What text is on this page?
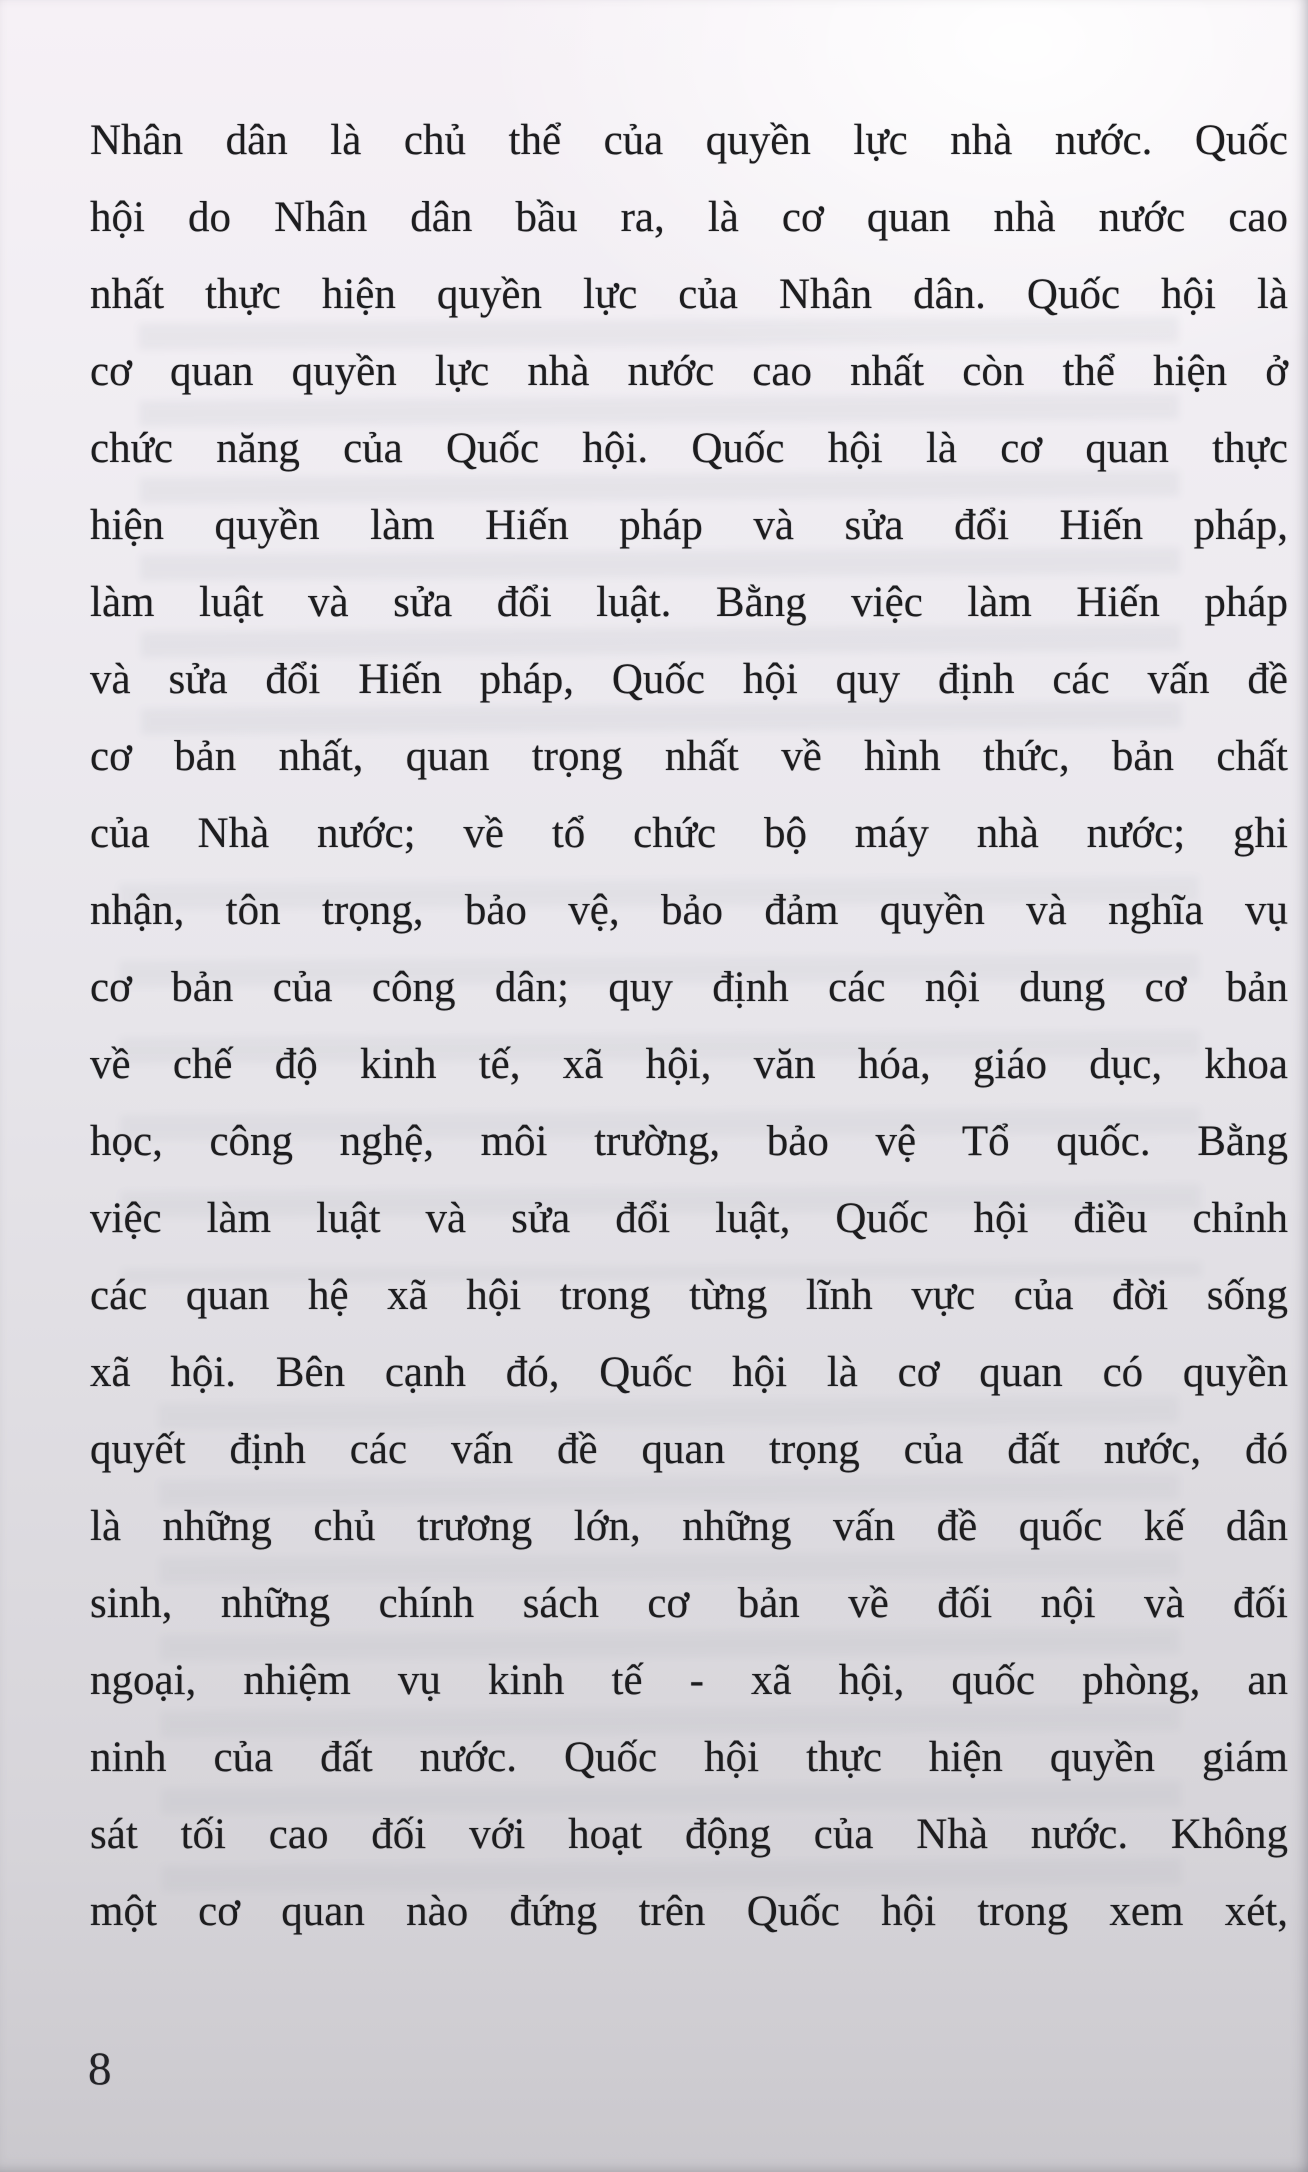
Nhân dân là chủ thể của quyền lực nhà nước. Quốc
hội do Nhân dân bầu ra, là cơ quan nhà nước cao
nhất thực hiện quyền lực của Nhân dân. Quốc hội là
cơ quan quyền lực nhà nước cao nhất còn thể hiện ở
chức năng của Quốc hội. Quốc hội là cơ quan thực
hiện quyền làm Hiến pháp và sửa đổi Hiến pháp,
làm luật và sửa đổi luật. Bằng việc làm Hiến pháp
và sửa đổi Hiến pháp, Quốc hội quy định các vấn đề
cơ bản nhất, quan trọng nhất về hình thức, bản chất
của Nhà nước; về tổ chức bộ máy nhà nước; ghi
nhận, tôn trọng, bảo vệ, bảo đảm quyền và nghĩa vụ
cơ bản của công dân; quy định các nội dung cơ bản
về chế độ kinh tế, xã hội, văn hóa, giáo dục, khoa
học, công nghệ, môi trường, bảo vệ Tổ quốc. Bằng
việc làm luật và sửa đổi luật, Quốc hội điều chỉnh
các quan hệ xã hội trong từng lĩnh vực của đời sống
xã hội. Bên cạnh đó, Quốc hội là cơ quan có quyền
quyết định các vấn đề quan trọng của đất nước, đó
là những chủ trương lớn, những vấn đề quốc kế dân
sinh, những chính sách cơ bản về đối nội và đối
ngoại, nhiệm vụ kinh tế - xã hội, quốc phòng, an
ninh của đất nước. Quốc hội thực hiện quyền giám
sát tối cao đối với hoạt động của Nhà nước. Không
một cơ quan nào đứng trên Quốc hội trong xem xét,
8
